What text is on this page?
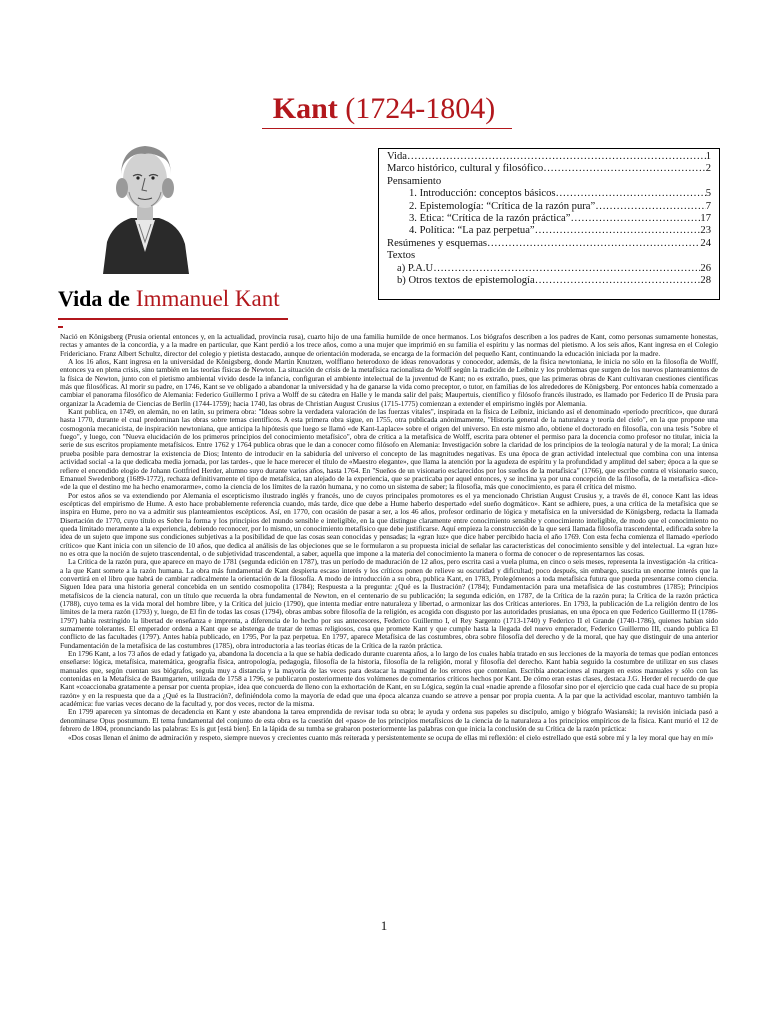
Kant (1724-1804)
Vida de Immanuel Kant
Vida ……………………………………………………………………………………………………………………………………………	1
Marco histórico, cultural y filosófico ……………………………………………………………………………………………………………………………………………	2
Pensamiento
1. Introducción: conceptos básicos ……………………………………………………………………………………………………………………………………………	5
2. Epistemología: “Crítica de la razón pura” ……………………………………………………………………………………………………………………………………………	7
3. Ética: “Crítica de la razón práctica” ……………………………………………………………………………………………………………………………………………	17
4. Política: “La paz perpetua” ……………………………………………………………………………………………………………………………………………	23
Resúmenes y esquemas ……………………………………………………………………………………………………………………………………………	24
Textos
a) P.A.U ……………………………………………………………………………………………………………………………………………	26
b) Otros textos de epistemología ……………………………………………………………………………………………………………………………………………	28

Nació en Königsberg (Prusia oriental entonces y, en la actualidad, provincia rusa), cuarto hijo de una familia humilde de once hermanos. Los biógrafos describen a los padres de Kant, como personas sumamente honestas, rectas y amantes de la concordia, y a la madre en particular, que Kant perdió a los trece años, como a una mujer que imprimió en su familia el espíritu y las normas del pietismo. A los seis años, Kant ingresa en el Colegio Fridericiano. Franz Albert Schultz, director del colegio y pietista destacado, aunque de orientación moderada, se encarga de la formación del pequeño Kant, continuando la educación iniciada por la madre.

A los 16 años, Kant ingresa en la universidad de Königsberg, donde Martin Knutzen, wolffiano heterodoxo de ideas renovadoras y conocedor, además, de la física newtoniana, le inicia no sólo en la filosofía de Wolff, entonces ya en plena crisis, sino también en las teorías físicas de Newton. La situación de crisis de la metafísica racionalista de Wolff según la tradición de Leibniz y los problemas que surgen de los nuevos planteamientos de la física de Newton, junto con el pietismo ambiental vivido desde la infancia, configuran el ambiente intelectual de la juventud de Kant; no es extraño, pues, que las primeras obras de Kant cultivaran cuestiones científicas más que filosóficas. Al morir su padre, en 1746, Kant se ve obligado a abandonar la universidad y ha de ganarse la vida como preceptor, o tutor, en familias de los alrededores de Königsberg. Por entonces había comenzado a cambiar el panorama filosófico de Alemania: Federico Guillermo I priva a Wolff de su cátedra en Halle y le manda salir del país; Maupertuis, científico y filósofo francés ilustrado, es llamado por Federico II de Prusia para organizar la Academia de Ciencias de Berlín (1744-1759); hacia 1740, las obras de Christian August Crusius (1715-1775) comienzan a extender el empirismo inglés por Alemania.

Kant publica, en 1749, en alemán, no en latín, su primera obra: "Ideas sobre la verdadera valoración de las fuerzas vitales", inspirada en la física de Leibniz, iniciando así el denominado «período precrítico», que durará hasta 1770, durante el cual predominan las obras sobre temas científicos. A esta primera obra sigue, en 1755, otra publicada anónimamente, "Historia general de la naturaleza y teoría del cielo", en la que propone una cosmogonía mecanicista, de inspiración newtoniana, que anticipa la hipótesis que luego se llamó «de Kant-Laplace» sobre el origen del universo. En este mismo año, obtiene el doctorado en filosofía, con una tesis "Sobre el fuego", y luego, con "Nueva elucidación de los primeros principios del conocimiento metafísico", obra de crítica a la metafísica de Wolff, escrita para obtener el permiso para la docencia como profesor no titular, inicia la serie de sus escritos propiamente metafísicos. Entre 1762 y 1764 publica obras que le dan a conocer como filósofo en Alemania: Investigación sobre la claridad de los principios de la teología natural y de la moral; La única prueba posible para demostrar la existencia de Dios; Intento de introducir en la sabiduría del universo el concepto de las magnitudes negativas. Es una época de gran actividad intelectual que combina con una intensa actividad social -a la que dedicaba media jornada, por las tardes-, que le hace merecer el título de «Maestro elegante», que llama la atención por la agudeza de espíritu y la profundidad y amplitud del saber; época a la que se refiere el encendido elogio de Johann Gottfried Herder, alumno suyo durante varios años, hasta 1764. En "Sueños de un visionario esclarecidos por los sueños de la metafísica" (1766), que escribe contra el visionario sueco, Emanuel Swedenborg (1689-1772), rechaza definitivamente el tipo de metafísica, tan alejado de la experiencia, que se practicaba por aquel entonces, y se inclina ya por una concepción de la filosofía, de la metafísica -dice- «de la que el destino me ha hecho enamorarme», como la ciencia de los límites de la razón humana, y no como un sistema de saber; la filosofía, más que conocimiento, es para él crítica del mismo.

Por estos años se va extendiendo por Alemania el escepticismo ilustrado inglés y francés, uno de cuyos principales promotores es el ya mencionado Christian August Crusius y, a través de él, conoce Kant las ideas escépticas del empirismo de Hume. A esto hace probablemente referencia cuando, más tarde, dice que debe a Hume haberlo despertado «del sueño dogmático». Kant se adhiere, pues, a una crítica de la metafísica que se inspira en Hume, pero no va a admitir sus planteamientos escépticos. Así, en 1770, con ocasión de pasar a ser, a los 46 años, profesor ordinario de lógica y metafísica en la universidad de Königsberg, redacta la llamada Disertación de 1770, cuyo título es Sobre la forma y los principios del mundo sensible e inteligible, en la que distingue claramente entre conocimiento sensible y conocimiento inteligible, de modo que el conocimiento no queda limitado meramente a la experiencia, debiendo reconocer, por lo mismo, un conocimiento metafísico que debe justificarse. Aquí empieza la construcción de la que será llamada filosofía trascendental, edificada sobre la idea de un sujeto que impone sus condiciones subjetivas a la posibilidad de que las cosas sean conocidas y pensadas; la «gran luz» que dice haber percibido hacia el año 1769. Con esta fecha comienza el llamado «período crítico» que Kant inicia con un silencio de 10 años, que dedica al análisis de las objeciones que se le formularon a su propuesta inicial de señalar las características del conocimiento sensible y del intelectual. La «gran luz» no es otra que la noción de sujeto trascendental, o de subjetividad trascendental, a saber, aquella que impone a la materia del conocimiento la manera o forma de conocer o de representarnos las cosas.

La Crítica de la razón pura, que aparece en mayo de 1781 (segunda edición en 1787), tras un período de maduración de 12 años, pero escrita casi a vuela pluma, en cinco o seis meses, representa la investigación -la crítica- a la que Kant somete a la razón humana. La obra más fundamental de Kant despierta escaso interés y los críticos ponen de relieve su oscuridad y dificultad; poco después, sin embargo, suscita un enorme interés que la convertirá en el libro que habrá de cambiar radicalmente la orientación de la filosofía. A modo de introducción a su obra, publica Kant, en 1783, Prolegómenos a toda metafísica futura que pueda presentarse como ciencia. Siguen Idea para una historia general concebida en un sentido cosmopolita (1784); Respuesta a la pregunta: ¿Qué es la Ilustración? (1784); Fundamentación para una metafísica de las costumbres (1785); Principios metafísicos de la ciencia natural, con un título que recuerda la obra fundamental de Newton, en el centenario de su publicación; la segunda edición, en 1787, de la Crítica de la razón pura; la Crítica de la razón práctica (1788), cuyo tema es la vida moral del hombre libre, y la Crítica del juicio (1790), que intenta mediar entre naturaleza y libertad, o armonizar las dos Críticas anteriores. En 1793, la publicación de La religión dentro de los límites de la mera razón (1793) y, luego, de El fin de todas las cosas (1794), obras ambas sobre filosofía de la religión, es acogida con disgusto por las autoridades prusianas, en una época en que Federico Guillermo II (1786-1797) había restringido la libertad de enseñanza e imprenta, a diferencia de lo hecho por sus antecesores, Federico Guillermo I, el Rey Sargento (1713-1740) y Federico II el Grande (1740-1786), quienes habían sido sumamente tolerantes. El emperador ordena a Kant que se abstenga de tratar de temas religiosos, cosa que promete Kant y que cumple hasta la llegada del nuevo emperador, Federico Guillermo III, cuando publica El conflicto de las facultades (1797). Antes había publicado, en 1795, Por la paz perpetua. En 1797, aparece Metafísica de las costumbres, obra sobre filosofía del derecho y de la moral, que hay que distinguir de una anterior Fundamentación de la metafísica de las costumbres (1785), obra introductoria a las teorías éticas de la Crítica de la razón práctica.

En 1796 Kant, a los 73 años de edad y fatigado ya, abandona la docencia a la que se había dedicado durante cuarenta años, a lo largo de los cuales había tratado en sus lecciones de la mayoría de temas que podían entonces enseñarse: lógica, metafísica, matemática, geografía física, antropología, pedagogía, filosofía de la historia, filosofía de la religión, moral y filosofía del derecho. Kant había seguido la costumbre de utilizar en sus clases manuales que, según cuentan sus biógrafos, seguía muy a distancia y la mayoría de las veces para destacar la magnitud de los errores que contenían. Escribía anotaciones al margen en estos manuales y sólo con las contenidas en la Metafísica de Baumgarten, utilizada de 1758 a 1796, se publicaron posteriormente dos volúmenes de comentarios críticos hechos por Kant. De cómo eran estas clases, destaca J.G. Herder el recuerdo de que Kant «coaccionaba gratamente a pensar por cuenta propia», idea que concuerda de lleno con la exhortación de Kant, en su Lógica, según la cual «nadie aprende a filosofar sino por el ejercicio que cada cual hace de su propia razón» y en la respuesta que da a ¿Qué es la Ilustración?, definiéndola como la mayoría de edad que una época alcanza cuando se atreve a pensar por propia cuenta. A la par que la actividad escolar, mantuvo también la académica: fue varias veces decano de la facultad y, por dos veces, rector de la misma.

En 1799 aparecen ya síntomas de decadencia en Kant y este abandona la tarea emprendida de revisar toda su obra; le ayuda y ordena sus papeles su discípulo, amigo y biógrafo Wasianski; la revisión iniciada pasó a denominarse Opus postumum. El tema fundamental del conjunto de esta obra es la cuestión del «paso» de los principios metafísicos de la ciencia de la naturaleza a los principios empíricos de la física. Kant murió el 12 de febrero de 1804, pronunciando las palabras: Es is gut [está bien]. En la lápida de su tumba se grabaron posteriormente las palabras con que inicia la conclusión de su Crítica de la razón práctica:

«Dos cosas llenan el ánimo de admiración y respeto, siempre nuevos y crecientes cuanto más reiterada y persistentemente se ocupa de ellas mi reflexión: el cielo estrellado que está sobre mí y la ley moral que hay en mí»

1
